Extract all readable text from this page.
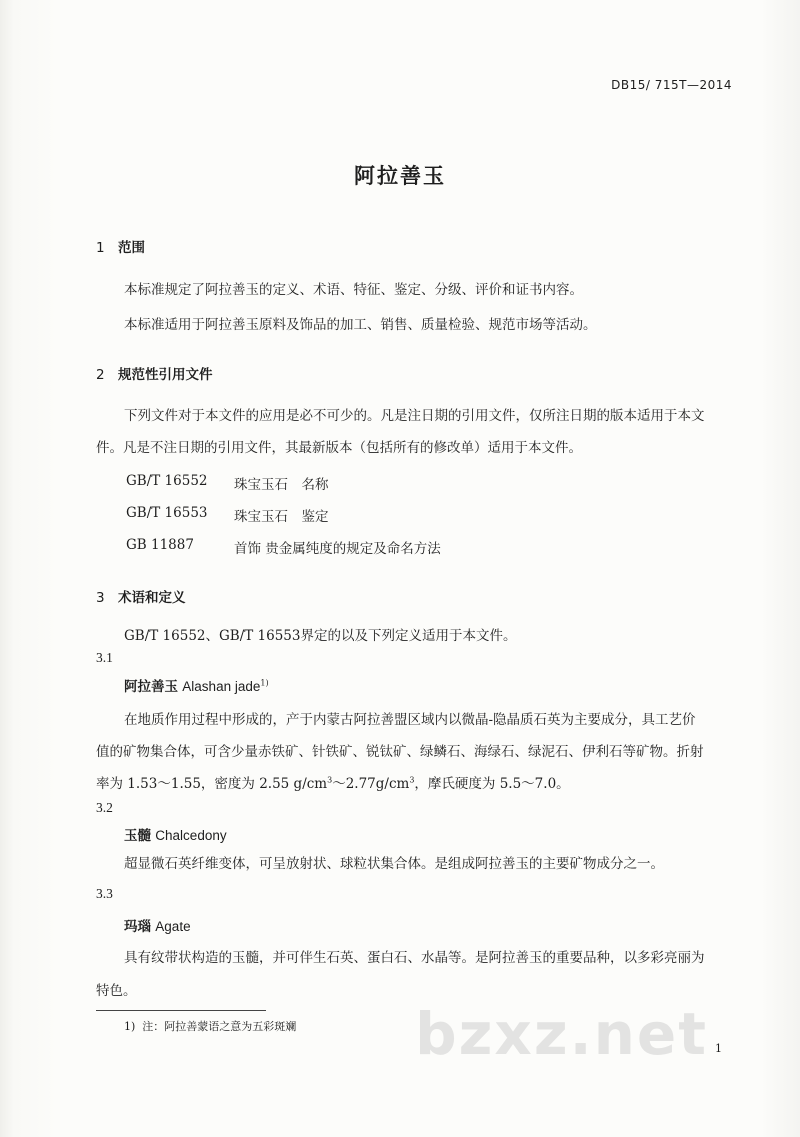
DB15/ 715T—2014
阿拉善玉
1 范围
本标准规定了阿拉善玉的定义、术语、特征、鉴定、分级、评价和证书内容。
本标准适用于阿拉善玉原料及饰品的加工、销售、质量检验、规范市场等活动。
2 规范性引用文件
下列文件对于本文件的应用是必不可少的。凡是注日期的引用文件，仅所注日期的版本适用于本文
件。凡是不注日期的引用文件，其最新版本（包括所有的修改单）适用于本文件。
GB/T 16552 珠宝玉石　名称
GB/T 16553 珠宝玉石　鉴定
GB 11887	首饰 贵金属纯度的规定及命名方法
3 术语和定义
GB/T 16552、GB/T 16553界定的以及下列定义适用于本文件。
3.1
阿拉善玉 Alashan jade$^{1)}$
在地质作用过程中形成的，产于内蒙古阿拉善盟区域内以微晶-隐晶质石英为主要成分，具工艺价
值的矿物集合体，可含少量赤铁矿、针铁矿、锐钛矿、绿鳞石、海绿石、绿泥石、伊利石等矿物。折射
率为 1.53～1.55，密度为 2.55 $g/cm^3\sim 2.77g/cm^3$，摩氏硬度为 5.5～7.0。
3.2
玉髓 Chalcedony
超显微石英纤维变体，可呈放射状、球粒状集合体。是组成阿拉善玉的主要矿物成分之一。
3.3
玛瑙 Agate
具有纹带状构造的玉髓，并可伴生石英、蛋白石、水晶等。是阿拉善玉的重要品种，以多彩亮丽为
特色。
1) 注：阿拉善蒙语之意为五彩斑斓 bzxz.net 1
